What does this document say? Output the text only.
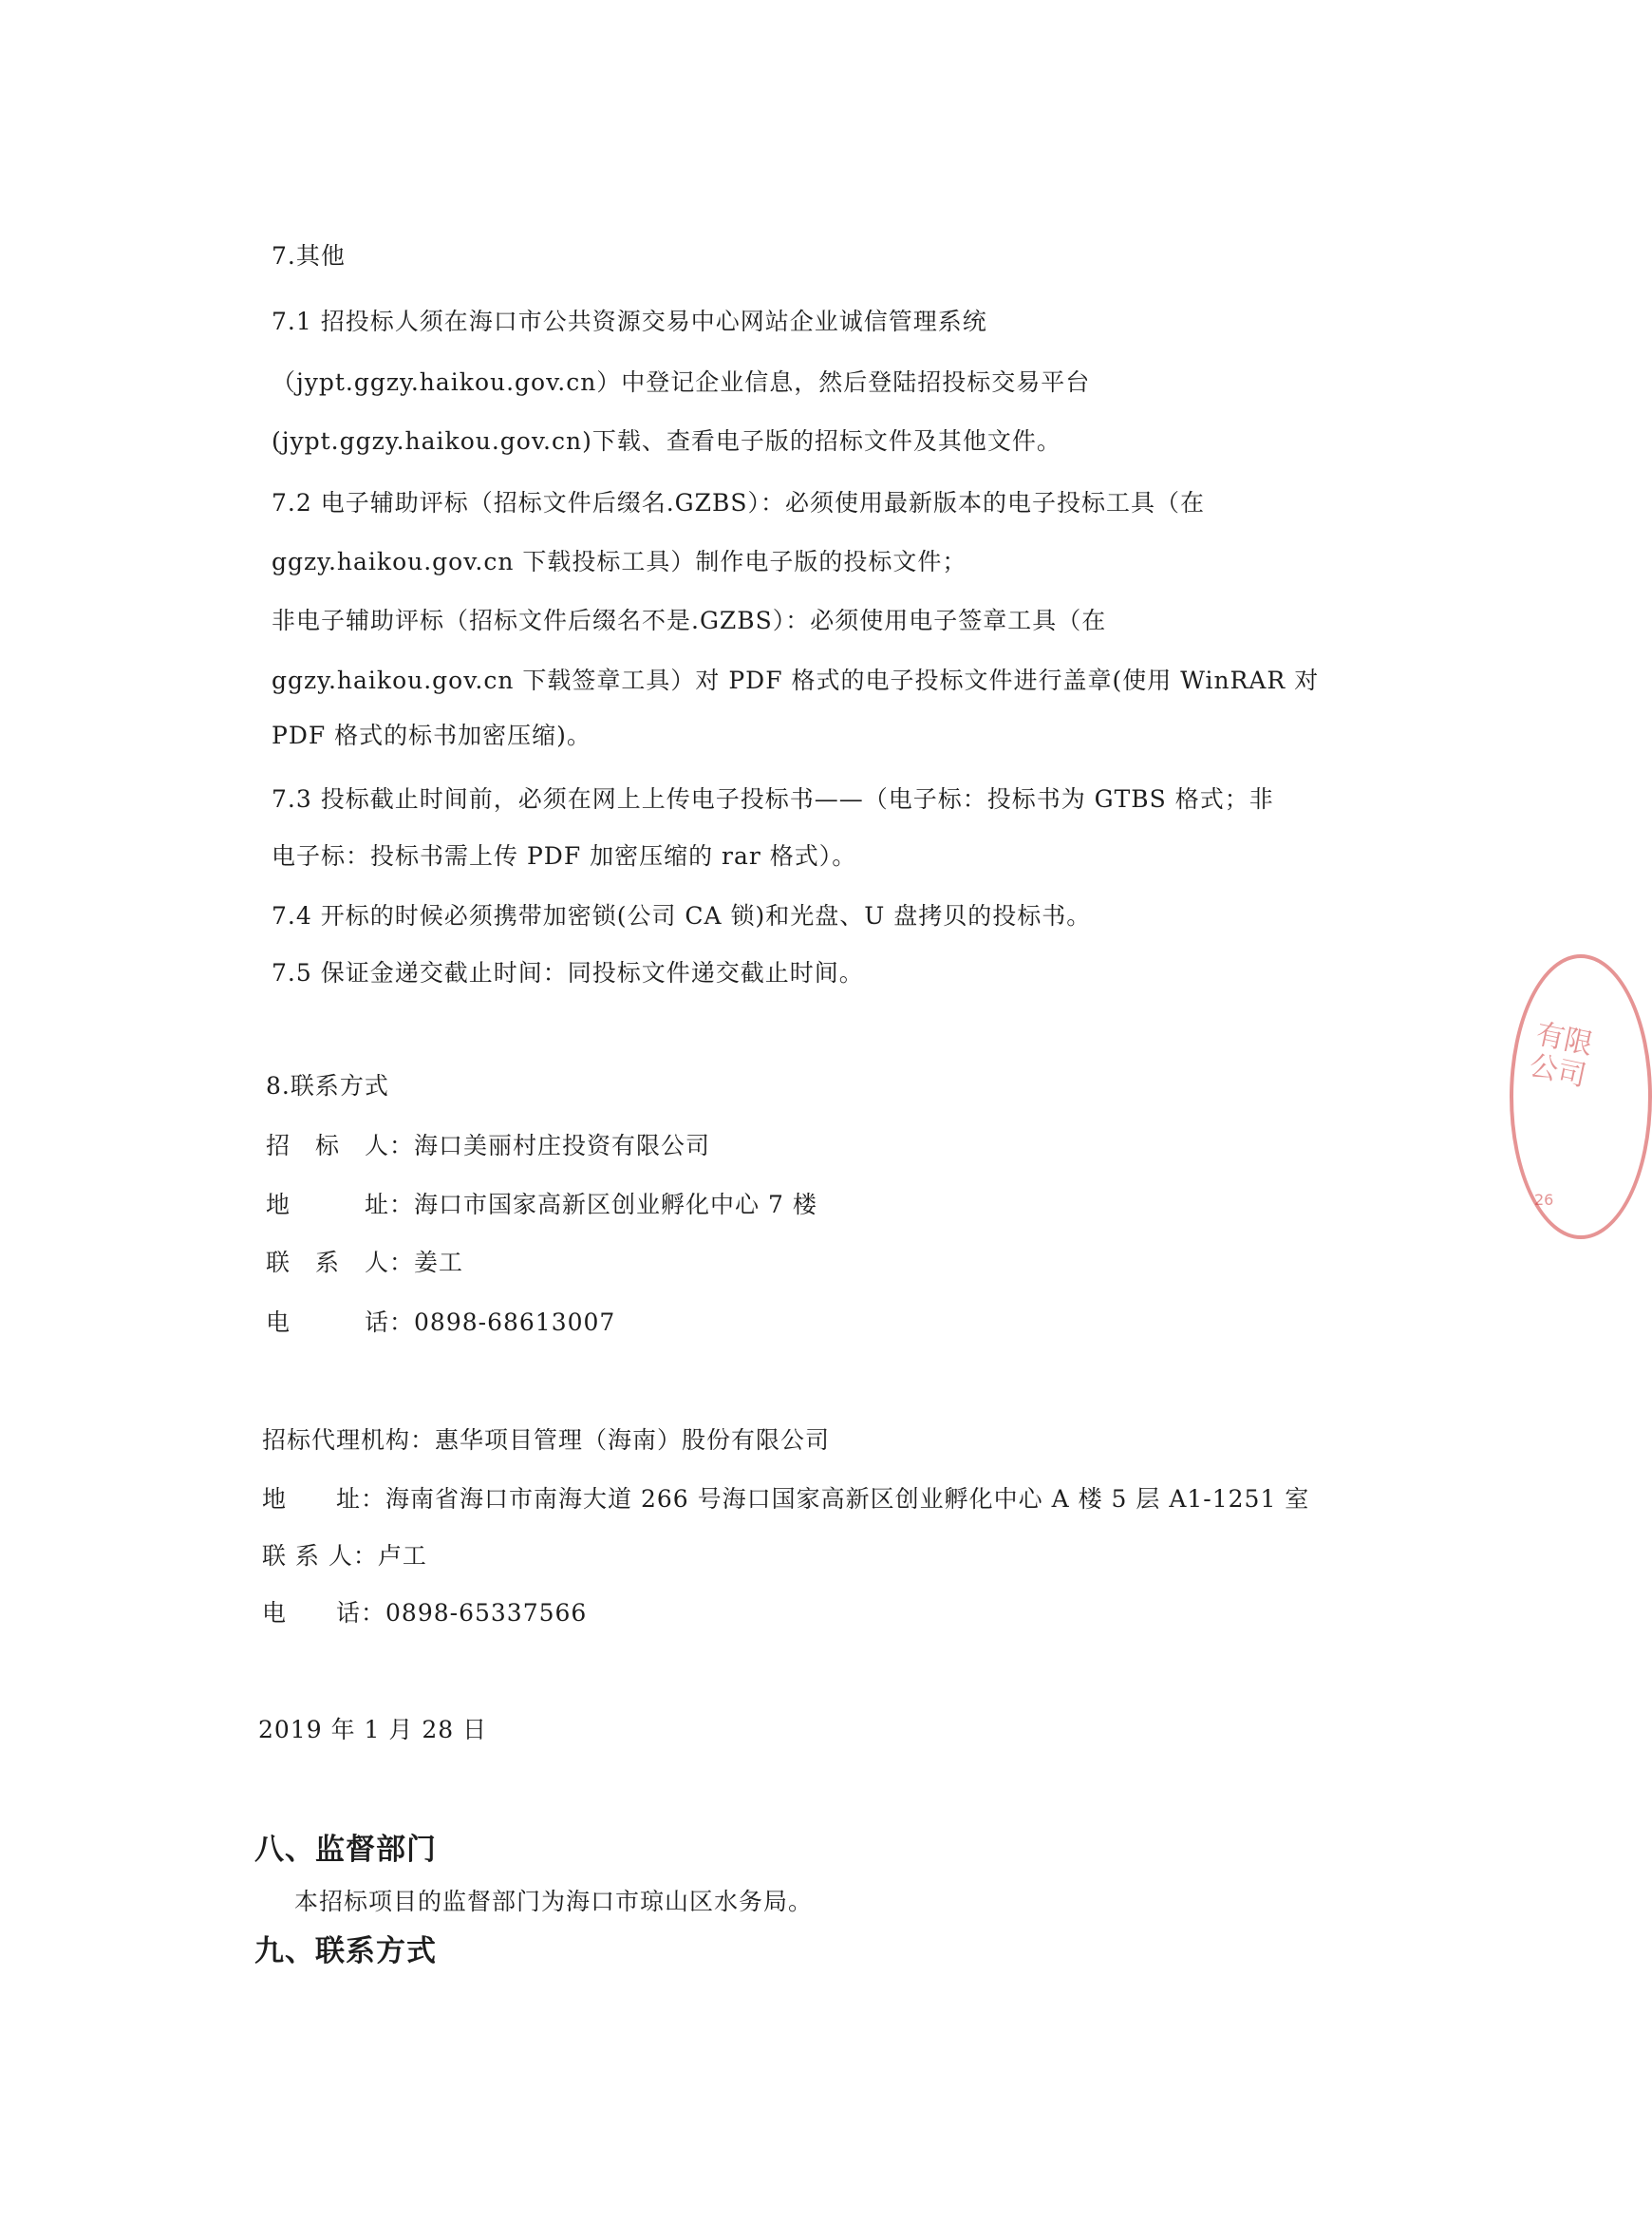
7.其他
7.1 招投标人须在海口市公共资源交易中心网站企业诚信管理系统
（jypt.ggzy.haikou.gov.cn）中登记企业信息，然后登陆招投标交易平台
(jypt.ggzy.haikou.gov.cn)下载、查看电子版的招标文件及其他文件。
7.2 电子辅助评标（招标文件后缀名.GZBS）：必须使用最新版本的电子投标工具（在
ggzy.haikou.gov.cn 下载投标工具）制作电子版的投标文件；
非电子辅助评标（招标文件后缀名不是.GZBS）：必须使用电子签章工具（在
ggzy.haikou.gov.cn 下载签章工具）对 PDF 格式的电子投标文件进行盖章(使用 WinRAR 对
PDF 格式的标书加密压缩)。
7.3 投标截止时间前，必须在网上上传电子投标书——（电子标：投标书为 GTBS 格式；非
电子标：投标书需上传 PDF 加密压缩的 rar 格式）。
7.4 开标的时候必须携带加密锁(公司 CA 锁)和光盘、U 盘拷贝的投标书。
7.5 保证金递交截止时间：同投标文件递交截止时间。
8.联系方式
招　标　人：海口美丽村庄投资有限公司
地　　　址：海口市国家高新区创业孵化中心 7 楼
联　系　人：姜工
电　　　话：0898-68613007
招标代理机构：惠华项目管理（海南）股份有限公司
地　　址：海南省海口市南海大道 266 号海口国家高新区创业孵化中心 A 楼 5 层 A1-1251 室
联 系 人：卢工
电　　话：0898-65337566
2019 年 1 月 28 日
八、监督部门
本招标项目的监督部门为海口市琼山区水务局。
九、联系方式
有限公司
26
